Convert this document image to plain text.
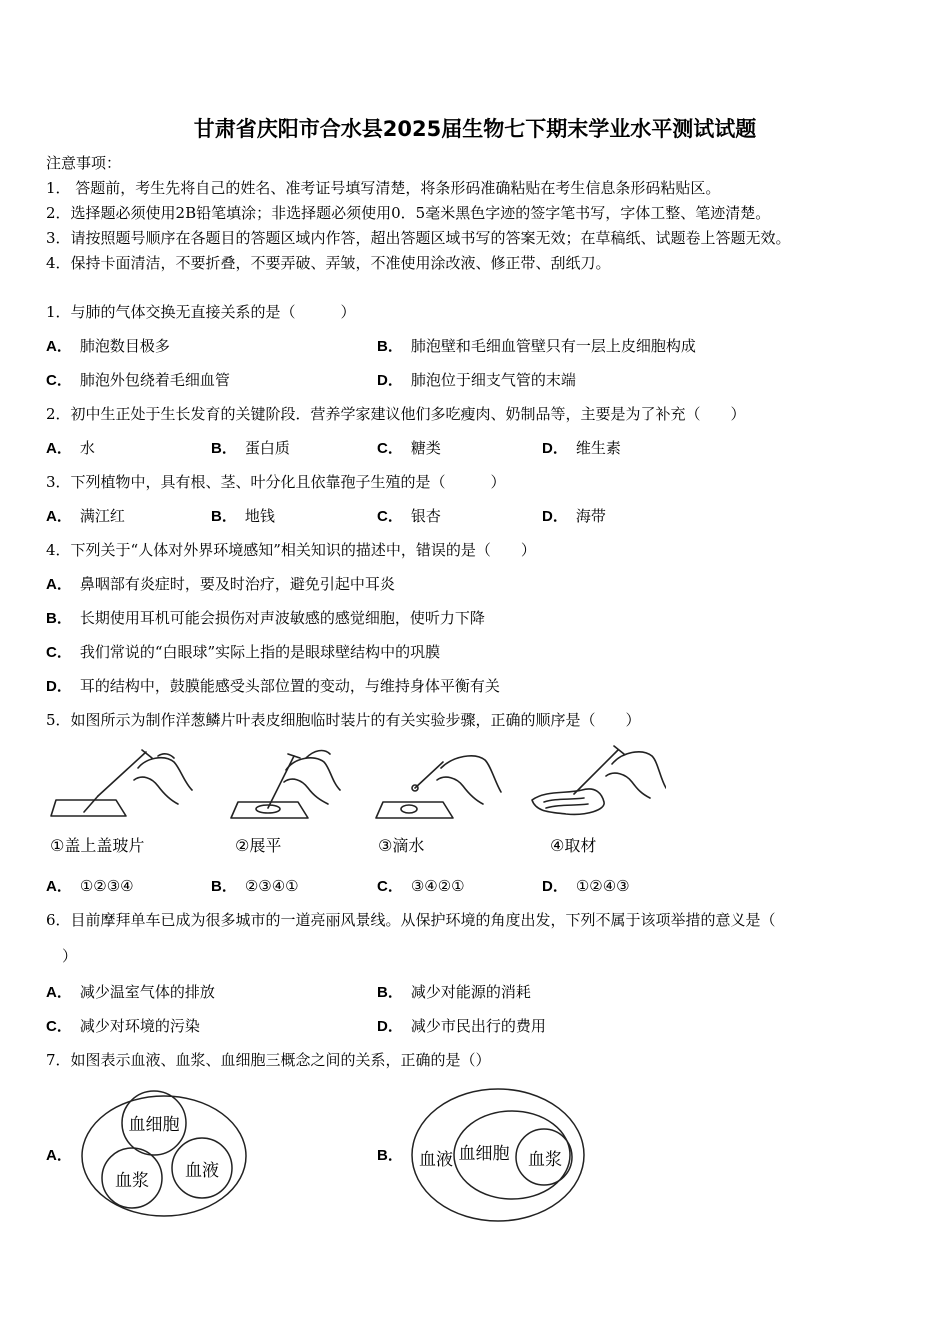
甘肃省庆阳市合水县2025届生物七下期末学业水平测试试题
注意事项：
1． 答题前，考生先将自己的姓名、准考证号填写清楚，将条形码准确粘贴在考生信息条形码粘贴区。
2．选择题必须使用2B铅笔填涂；非选择题必须使用0．5毫米黑色字迹的签字笔书写，字体工整、笔迹清楚。
3．请按照题号顺序在各题目的答题区域内作答，超出答题区域书写的答案无效；在草稿纸、试题卷上答题无效。
4．保持卡面清洁，不要折叠，不要弄破、弄皱，不准使用涂改液、修正带、刮纸刀。
1．与肺的气体交换无直接关系的是（　　　）
A． 肺泡数目极多	B． 肺泡壁和毛细血管壁只有一层上皮细胞构成
C． 肺泡外包绕着毛细血管	D． 肺泡位于细支气管的末端
2．初中生正处于生长发育的关键阶段．营养学家建议他们多吃瘦肉、奶制品等，主要是为了补充（　　）
A． 水	B． 蛋白质	C． 糖类	D． 维生素
3．下列植物中，具有根、茎、叶分化且依靠孢子生殖的是（　　　）
A． 满江红	B． 地钱	C． 银杏	D． 海带
4．下列关于“人体对外界环境感知”相关知识的描述中，错误的是（　　）
A． 鼻咽部有炎症时，要及时治疗，避免引起中耳炎
B． 长期使用耳机可能会损伤对声波敏感的感觉细胞，使听力下降
C． 我们常说的“白眼球”实际上指的是眼球壁结构中的巩膜
D． 耳的结构中，鼓膜能感受头部位置的变动，与维持身体平衡有关
5．如图所示为制作洋葱鳞片叶表皮细胞临时装片的有关实验步骤，正确的顺序是（　　）
①盖上盖玻片	②展平	③滴水	④取材
A． ①②③④	B． ②③④①	C． ③④②①	D． ①②④③
6．目前摩拜单车已成为很多城市的一道亮丽风景线。从保护环境的角度出发，下列不属于该项举措的意义是（
）
A． 减少温室气体的排放	B． 减少对能源的消耗
C． 减少对环境的污染	D． 减少市民出行的费用
7．如图表示血液、血浆、血细胞三概念之间的关系，正确的是（）
A．
血细胞
血浆 血液
B． 血液 血细胞 血浆
